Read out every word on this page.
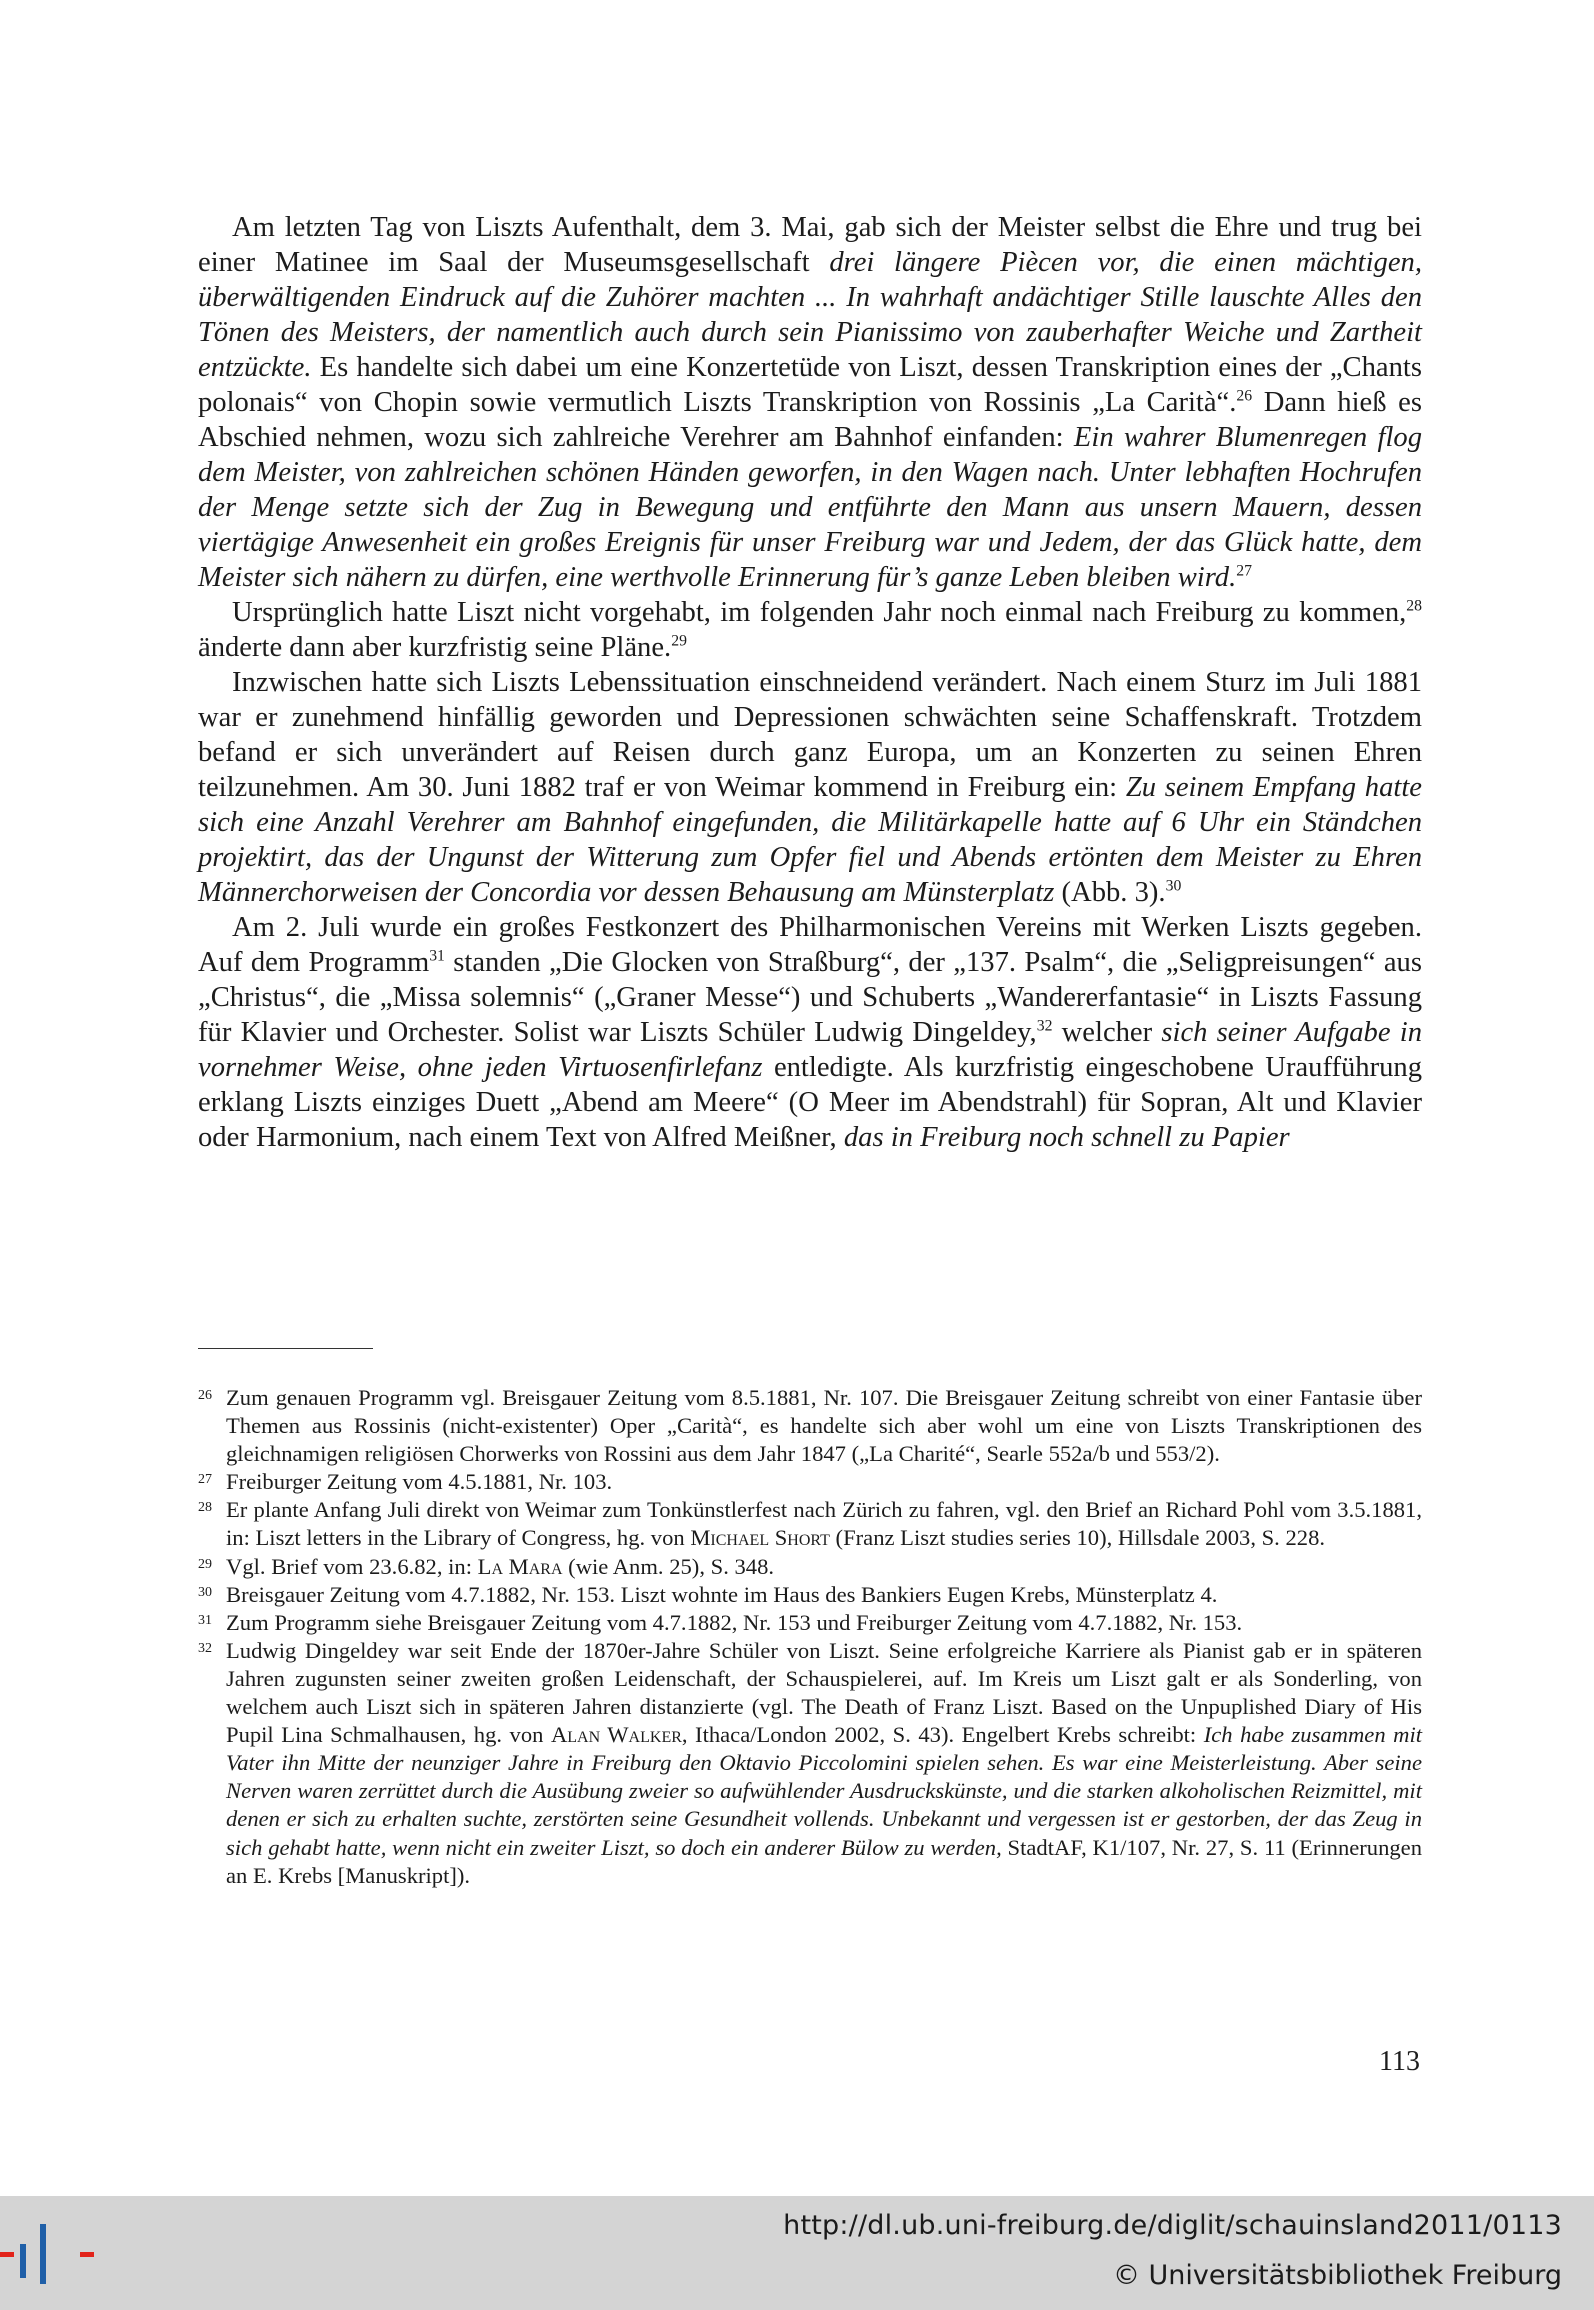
Am letzten Tag von Liszts Aufenthalt, dem 3. Mai, gab sich der Meister selbst die Ehre und trug bei einer Matinee im Saal der Museumsgesellschaft drei längere Piècen vor, die einen mächtigen, überwältigenden Eindruck auf die Zuhörer machten ... In wahrhaft andächtiger Stille lauschte Alles den Tönen des Meisters, der namentlich auch durch sein Pianissimo von zauberhafter Weiche und Zartheit entzückte. Es handelte sich dabei um eine Konzertetüde von Liszt, dessen Transkription eines der „Chants polonais“ von Chopin sowie vermutlich Liszts Transkription von Rossinis „La Carità“.$^{26}$ Dann hieß es Abschied nehmen, wozu sich zahlreiche Verehrer am Bahnhof einfanden: Ein wahrer Blumenregen flog dem Meister, von zahlreichen schönen Händen geworfen, in den Wagen nach. Unter lebhaften Hochrufen der Menge setzte sich der Zug in Bewegung und entführte den Mann aus unsern Mauern, dessen viertägige Anwesenheit ein großes Ereignis für unser Freiburg war und Jedem, der das Glück hatte, dem Meister sich nähern zu dürfen, eine werthvolle Erinnerung für’s ganze Leben bleiben wird.$^{27}$

Ursprünglich hatte Liszt nicht vorgehabt, im folgenden Jahr noch einmal nach Freiburg zu kommen,$^{28}$ änderte dann aber kurzfristig seine Pläne.$^{29}$

Inzwischen hatte sich Liszts Lebenssituation einschneidend verändert. Nach einem Sturz im Juli 1881 war er zunehmend hinfällig geworden und Depressionen schwächten seine Schaffenskraft. Trotzdem befand er sich unverändert auf Reisen durch ganz Europa, um an Konzerten zu seinen Ehren teilzunehmen. Am 30. Juni 1882 traf er von Weimar kommend in Freiburg ein: Zu seinem Empfang hatte sich eine Anzahl Verehrer am Bahnhof eingefunden, die Militärkapelle hatte auf 6 Uhr ein Ständchen projektirt, das der Ungunst der Witterung zum Opfer fiel und Abends ertönten dem Meister zu Ehren Männerchorweisen der Concordia vor dessen Behausung am Münsterplatz (Abb. 3).$^{30}$

Am 2. Juli wurde ein großes Festkonzert des Philharmonischen Vereins mit Werken Liszts gegeben. Auf dem Programm$^{31}$ standen „Die Glocken von Straßburg“, der „137. Psalm“, die „Seligpreisungen“ aus „Christus“, die „Missa solemnis“ („Graner Messe“) und Schuberts „Wandererfantasie“ in Liszts Fassung für Klavier und Orchester. Solist war Liszts Schüler Ludwig Dingeldey,$^{32}$ welcher sich seiner Aufgabe in vornehmer Weise, ohne jeden Virtuosenfirlefanz entledigte. Als kurzfristig eingeschobene Uraufführung erklang Liszts einziges Duett „Abend am Meere“ (O Meer im Abendstrahl) für Sopran, Alt und Klavier oder Harmonium, nach einem Text von Alfred Meißner, das in Freiburg noch schnell zu Papier

26 Zum genauen Programm vgl. Breisgauer Zeitung vom 8.5.1881, Nr. 107. Die Breisgauer Zeitung schreibt von einer Fantasie über Themen aus Rossinis (nicht-existenter) Oper „Carità“, es handelte sich aber wohl um eine von Liszts Transkriptionen des gleichnamigen religiösen Chorwerks von Rossini aus dem Jahr 1847 („La Charité“, Searle 552a/b und 553/2).
27 Freiburger Zeitung vom 4.5.1881, Nr. 103.
28 Er plante Anfang Juli direkt von Weimar zum Tonkünstlerfest nach Zürich zu fahren, vgl. den Brief an Richard Pohl vom 3.5.1881, in: Liszt letters in the Library of Congress, hg. von Michael Short (Franz Liszt studies series 10), Hillsdale 2003, S. 228.
29 Vgl. Brief vom 23.6.82, in: La Mara (wie Anm. 25), S. 348.
30 Breisgauer Zeitung vom 4.7.1882, Nr. 153. Liszt wohnte im Haus des Bankiers Eugen Krebs, Münsterplatz 4.
31 Zum Programm siehe Breisgauer Zeitung vom 4.7.1882, Nr. 153 und Freiburger Zeitung vom 4.7.1882, Nr. 153.
32 Ludwig Dingeldey war seit Ende der 1870er-Jahre Schüler von Liszt. Seine erfolgreiche Karriere als Pianist gab er in späteren Jahren zugunsten seiner zweiten großen Leidenschaft, der Schauspielerei, auf. Im Kreis um Liszt galt er als Sonderling, von welchem auch Liszt sich in späteren Jahren distanzierte (vgl. The Death of Franz Liszt. Based on the Unpuplished Diary of His Pupil Lina Schmalhausen, hg. von Alan Walker, Ithaca/London 2002, S. 43). Engelbert Krebs schreibt: Ich habe zusammen mit Vater ihn Mitte der neunziger Jahre in Freiburg den Oktavio Piccolomini spielen sehen. Es war eine Meisterleistung. Aber seine Nerven waren zerrüttet durch die Ausübung zweier so aufwühlender Ausdruckskünste, und die starken alkoholischen Reizmittel, mit denen er sich zu erhalten suchte, zerstörten seine Gesundheit vollends. Unbekannt und vergessen ist er gestorben, der das Zeug in sich gehabt hatte, wenn nicht ein zweiter Liszt, so doch ein anderer Bülow zu werden, StadtAF, K1/107, Nr. 27, S. 11 (Erinnerungen an E. Krebs [Manuskript]).
113
http://dl.ub.uni-freiburg.de/diglit/schauinsland2011/0113
© Universitätsbibliothek Freiburg
